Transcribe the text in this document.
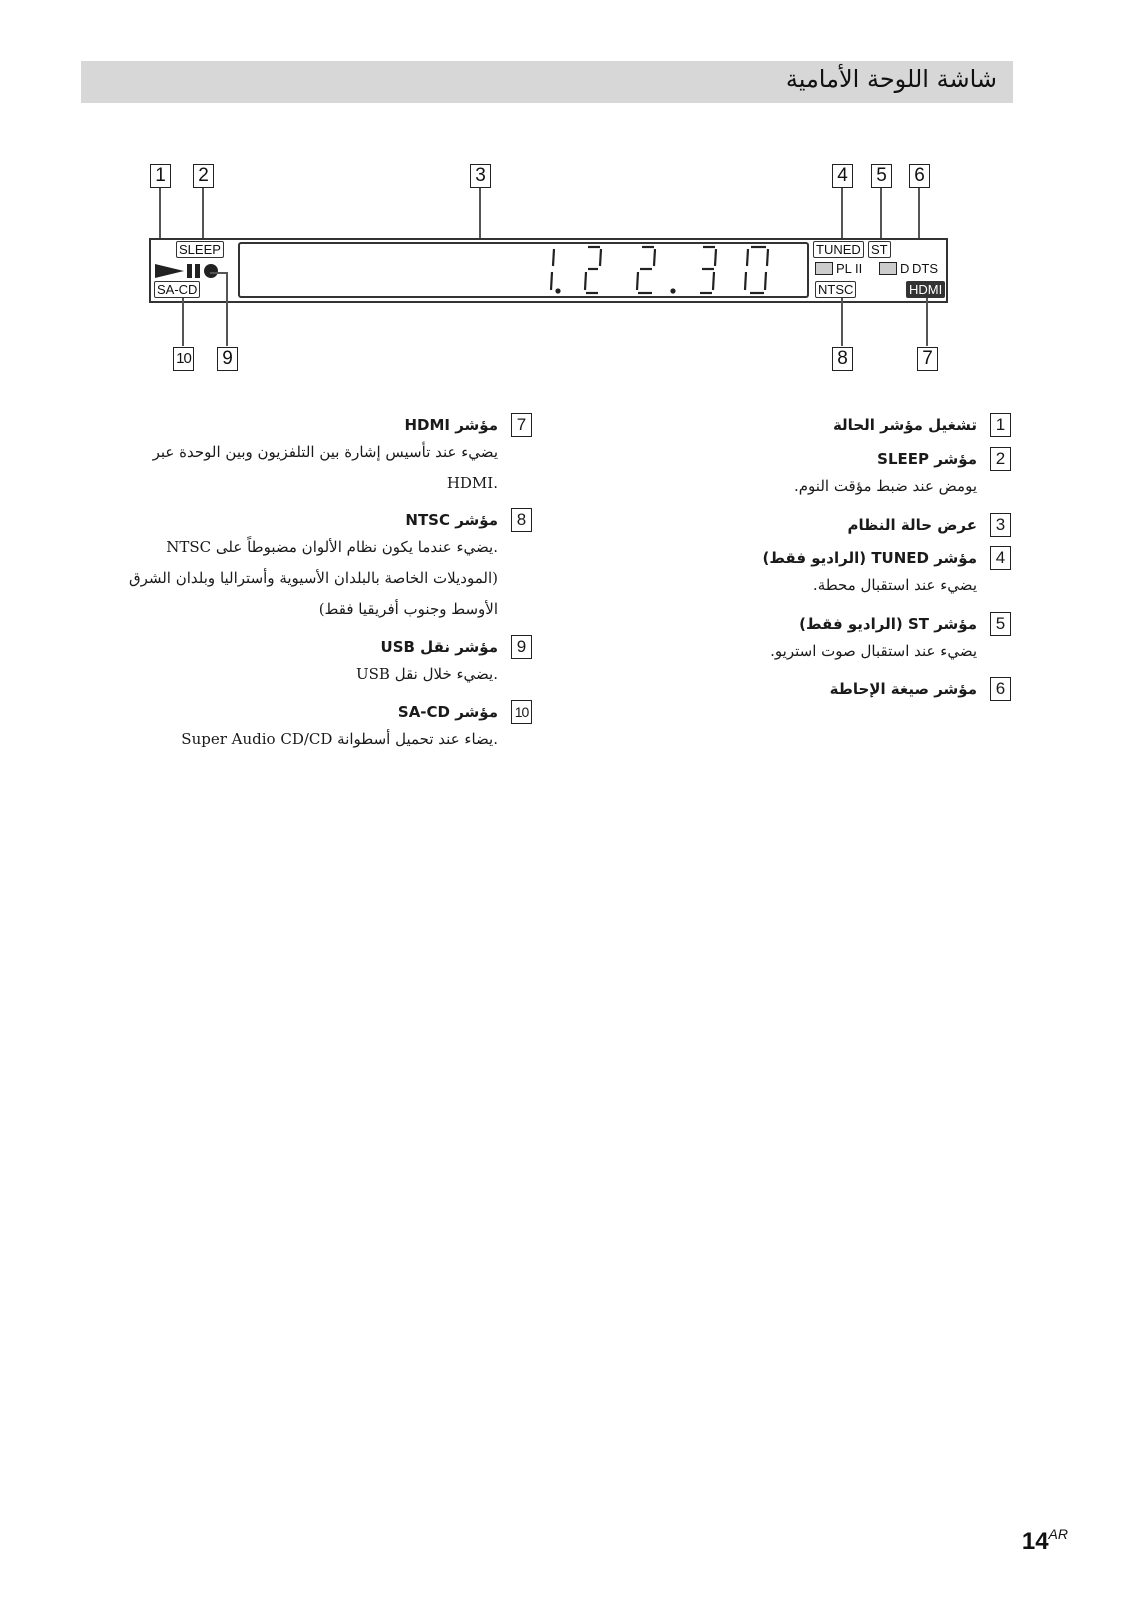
شاشة اللوحة الأمامية
1 2	3	4 5 6
SLEEP
SA-CD
TUNED ST
PL II	D DTS
NTSC	HDMI
10 9	8	7
1
تشغيل مؤشر الحالة
2
مؤشر SLEEP
يومض عند ضبط مؤقت النوم.
3
عرض حالة النظام
4
مؤشر TUNED (الراديو فقط)
يضيء عند استقبال محطة.
5
مؤشر ST (الراديو فقط)
يضيء عند استقبال صوت استريو.
6
مؤشر صيغة الإحاطة
7
مؤشر HDMI
يضيء عند تأسيس إشارة بين التلفزيون وبين الوحدة عبر
.HDMI
8
مؤشر NTSC
.يضيء عندما يكون نظام الألوان مضبوطاً على NTSC
(الموديلات الخاصة بالبلدان الأسيوية وأستراليا وبلدان الشرق
الأوسط وجنوب أفريقيا فقط)
9
مؤشر نقل USB
.يضيء خلال نقل USB
10
مؤشر SA-CD
.يضاء عند تحميل أسطوانة Super Audio CD/CD
$14^{AR}$
